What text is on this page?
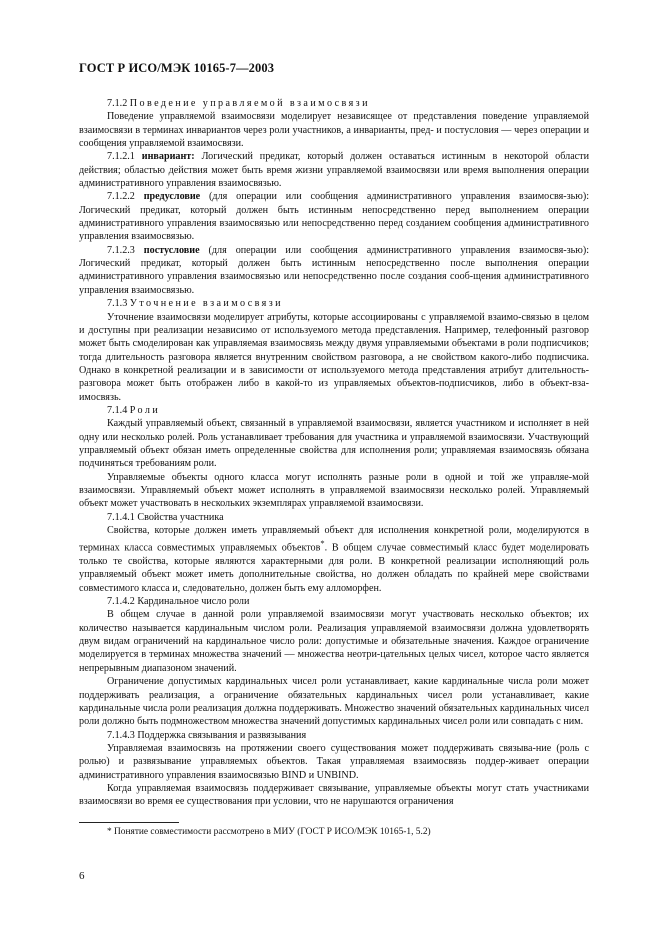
ГОСТ Р ИСО/МЭК 10165-7—2003

7.1.2 Поведение управляемой взаимосвязи

Поведение управляемой взаимосвязи моделирует независящее от представления поведение управляемой взаимосвязи в терминах инвариантов через роли участников, а инварианты, пред- и постусловия — через операции и сообщения управляемой взаимосвязи.

7.1.2.1 инвариант: Логический предикат, который должен оставаться истинным в некоторой области действия; областью действия может быть время жизни управляемой взаимосвязи или время выполнения операции административного управления взаимосвязью.

7.1.2.2 предусловие (для операции или сообщения административного управления взаимосвя-зью): Логический предикат, который должен быть истинным непосредственно перед выполнением операции административного управления взаимосвязью или непосредственно перед созданием сообщения административного управления взаимосвязью.

7.1.2.3 постусловие (для операции или сообщения административного управления взаимосвя-зью): Логический предикат, который должен быть истинным непосредственно после выполнения операции административного управления взаимосвязью или непосредственно после создания сооб-щения административного управления взаимосвязью.

7.1.3 Уточнение взаимосвязи

Уточнение взаимосвязи моделирует атрибуты, которые ассоциированы с управляемой взаимо-связью в целом и доступны при реализации независимо от используемого метода представления. Например, телефонный разговор может быть смоделирован как управляемая взаимосвязь между двумя управляемыми объектами в роли подписчиков; тогда длительность разговора является внутренним свойством разговора, а не свойством какого-либо подписчика. Однако в конкретной реализации и в зависимости от используемого метода представления атрибут длительность-разговора может быть отображен либо в какой-то из управляемых объектов-подписчиков, либо в объект-вза-имосвязь.

7.1.4 Роли

Каждый управляемый объект, связанный в управляемой взаимосвязи, является участником и исполняет в ней одну или несколько ролей. Роль устанавливает требования для участника и управляемой взаимосвязи. Участвующий управляемый объект обязан иметь определенные свойства для исполнения роли; управляемая взаимосвязь обязана подчиняться требованиям роли.

Управляемые объекты одного класса могут исполнять разные роли в одной и той же управляе-мой взаимосвязи. Управляемый объект может исполнять в управляемой взаимосвязи несколько ролей. Управляемый объект может участвовать в нескольких экземплярах управляемой взаимосвязи.

7.1.4.1 Свойства участника

Свойства, которые должен иметь управляемый объект для исполнения конкретной роли, моделируются в терминах класса совместимых управляемых объектов*. В общем случае совместимый класс будет моделировать только те свойства, которые являются характерными для роли. В конкретной реализации исполняющий роль управляемый объект может иметь дополнительные свойства, но должен обладать по крайней мере свойствами совместимого класса и, следовательно, должен быть ему алломорфен.

7.1.4.2 Кардинальное число роли

В общем случае в данной роли управляемой взаимосвязи могут участвовать несколько объектов; их количество называется кардинальным числом роли. Реализация управляемой взаимосвязи должна удовлетворять двум видам ограничений на кардинальное число роли: допустимые и обязательные значения. Каждое ограничение моделируется в терминах множества значений — множества неотри-цательных целых чисел, которое часто является непрерывным диапазоном значений.

Ограничение допустимых кардинальных чисел роли устанавливает, какие кардинальные числа роли может поддерживать реализация, а ограничение обязательных кардинальных чисел роли устанавливает, какие кардинальные числа роли реализация должна поддерживать. Множество значений обязательных кардинальных чисел роли должно быть подмножеством множества значений допустимых кардинальных чисел роли или совпадать с ним.

7.1.4.3 Поддержка связывания и развязывания

Управляемая взаимосвязь на протяжении своего существования может поддерживать связыва-ние (роль с ролью) и развязывание управляемых объектов. Такая управляемая взаимосвязь поддер-живает операции административного управления взаимосвязью BIND и UNBIND.

Когда управляемая взаимосвязь поддерживает связывание, управляемые объекты могут стать участниками взаимосвязи во время ее существования при условии, что не нарушаются ограничения

* Понятие совместимости рассмотрено в МИУ (ГОСТ Р ИСО/МЭК 10165-1, 5.2)
6
